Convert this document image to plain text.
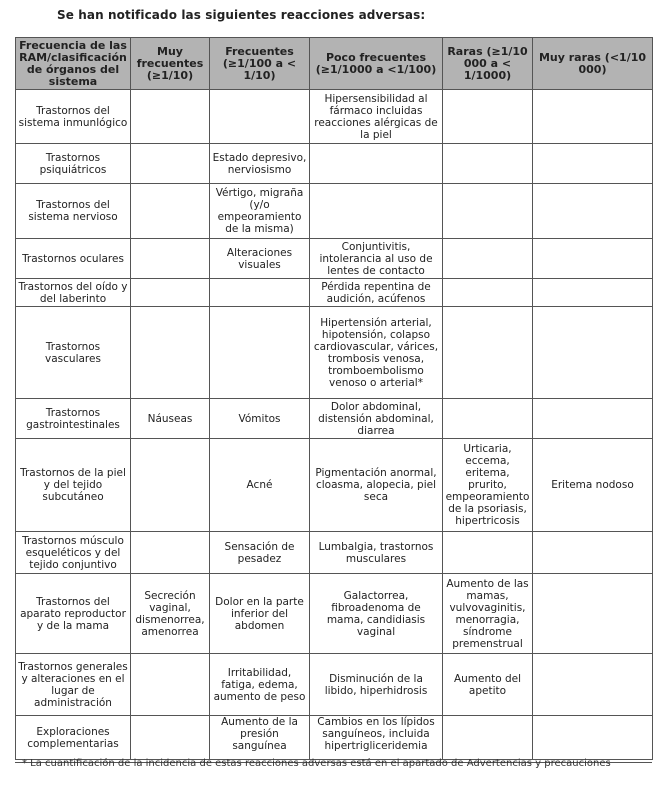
Se han notificado las siguientes reacciones adversas:
Frecuencia de las RAM/clasificación de órganos del sistema	Muy frecuentes (≥1/10)	Frecuentes (≥1/100 a < 1/10)	Poco frecuentes (≥1/1000 a <1/100)	Raras (≥1/10 000 a < 1/1000)	Muy raras (<1/10 000)
Trastornos del sistema inmunlógico			Hipersensibilidad al fármaco incluidas reacciones alérgicas de la piel		
Trastornos psiquiátricos		Estado depresivo, nerviosismo			
Trastornos del sistema nervioso		Vértigo, migraña (y/o empeoramiento de la misma)			
Trastornos oculares		Alteraciones visuales	Conjuntivitis, intolerancia al uso de lentes de contacto		
Trastornos del oído y del laberinto			Pérdida repentina de audición, acúfenos		
Trastornos vasculares			Hipertensión arterial, hipotensión, colapso cardiovascular, várices, trombosis venosa, tromboembolismo venoso o arterial*		
Trastornos gastrointestinales	Náuseas	Vómitos	Dolor abdominal, distensión abdominal, diarrea		
Trastornos de la piel y del tejido subcutáneo		Acné	Pigmentación anormal, cloasma, alopecia, piel seca	Urticaria, eccema, eritema, prurito, empeoramiento de la psoriasis, hipertricosis	Eritema nodoso
Trastornos músculo esqueléticos y del tejido conjuntivo		Sensación de pesadez	Lumbalgia, trastornos musculares		
Trastornos del aparato reproductor y de la mama	Secreción vaginal, dismenorrea, amenorrea	Dolor en la parte inferior del abdomen	Galactorrea, fibroadenoma de mama, candidiasis vaginal	Aumento de las mamas, vulvovaginitis, menorragia, síndrome premenstrual	
Trastornos generales y alteraciones en el lugar de administración		Irritabilidad, fatiga, edema, aumento de peso	Disminución de la libido, hiperhidrosis	Aumento del apetito	
Exploraciones complementarias		Aumento de la presión sanguínea	Cambios en los lípidos sanguíneos, incluida hipertrigliceridemia		
* La cuantificación de la incidencia de estas reacciones adversas está en el apartado de Advertencias y precauciones
